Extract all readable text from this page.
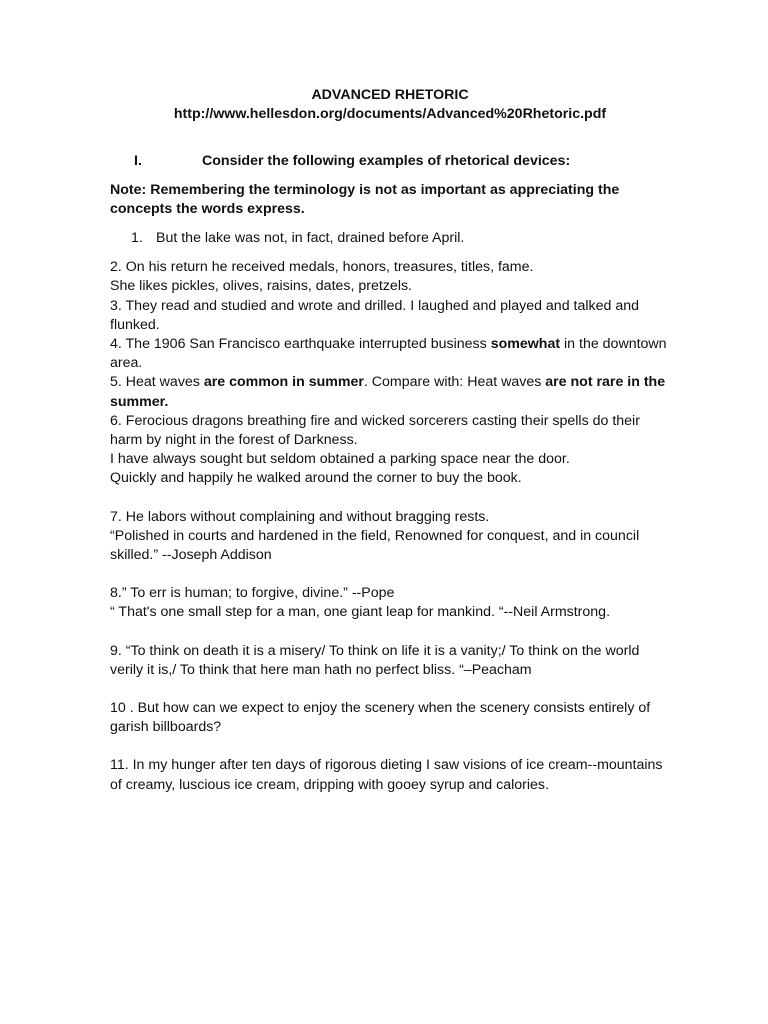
ADVANCED RHETORIC
http://www.hellesdon.org/documents/Advanced%20Rhetoric.pdf
I.	Consider the following examples of rhetorical devices:
Note: Remembering the terminology is not as important as appreciating the concepts the words express.
1. But the lake was not, in fact, drained before April.
2. On his return he received medals, honors, treasures, titles, fame.
She likes pickles, olives, raisins, dates, pretzels.
3. They read and studied and wrote and drilled. I laughed and played and talked and flunked.
4. The 1906 San Francisco earthquake interrupted business somewhat in the downtown area.
5. Heat waves are common in summer. Compare with: Heat waves are not rare in the summer.
6. Ferocious dragons breathing fire and wicked sorcerers casting their spells do their harm by night in the forest of Darkness.
I have always sought but seldom obtained a parking space near the door.
Quickly and happily he walked around the corner to buy the book.
7. He labors without complaining and without bragging rests.
“Polished in courts and hardened in the field, Renowned for conquest, and in council skilled.” --Joseph Addison
8.” To err is human; to forgive, divine.” --Pope
“ That's one small step for a man, one giant leap for mankind. “--Neil Armstrong.
9. “To think on death it is a misery/ To think on life it is a vanity;/ To think on the world verily it is,/ To think that here man hath no perfect bliss. “–Peacham
10 . But how can we expect to enjoy the scenery when the scenery consists entirely of garish billboards?
11. In my hunger after ten days of rigorous dieting I saw visions of ice cream--mountains of creamy, luscious ice cream, dripping with gooey syrup and calories.
